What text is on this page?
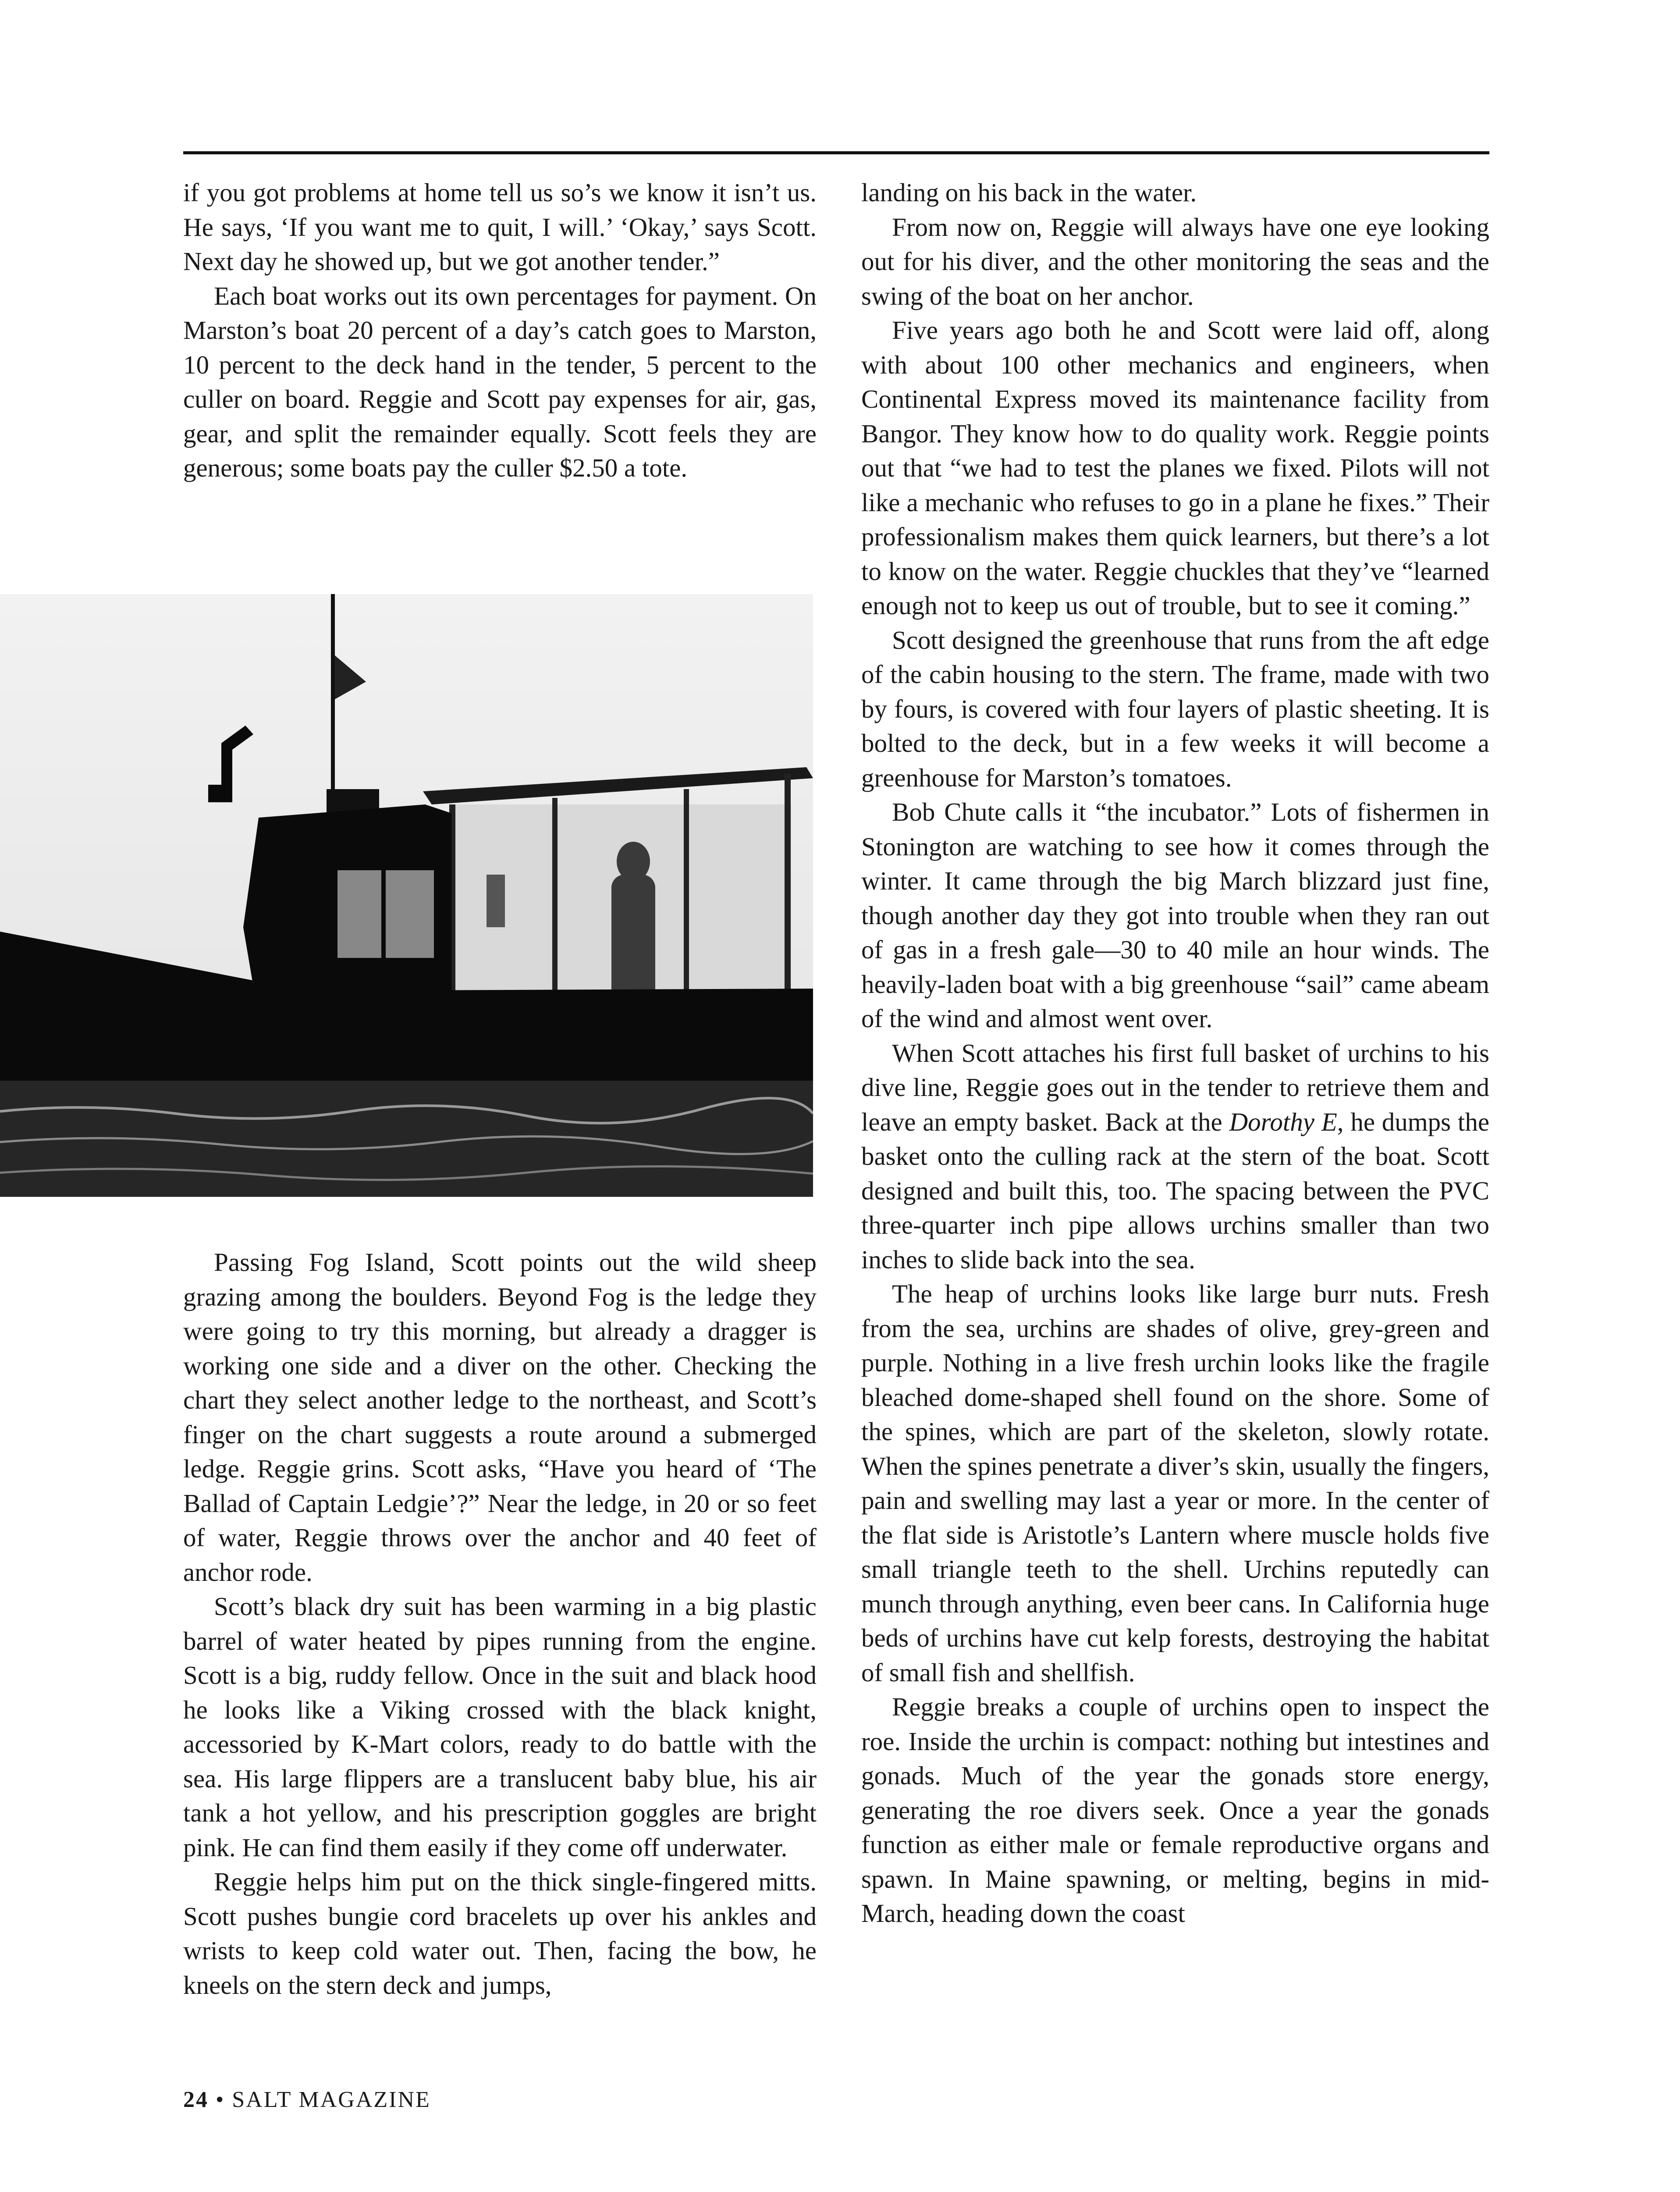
if you got problems at home tell us so’s we know it isn’t us. He says, ‘If you want me to quit, I will.’ ‘Okay,’ says Scott. Next day he showed up, but we got another tender.”

Each boat works out its own percentages for payment. On Marston’s boat 20 percent of a day’s catch goes to Marston, 10 percent to the deck hand in the tender, 5 percent to the culler on board. Reggie and Scott pay expenses for air, gas, gear, and split the remainder equally. Scott feels they are generous; some boats pay the culler $2.50 a tote.

Passing Fog Island, Scott points out the wild sheep grazing among the boulders. Beyond Fog is the ledge they were going to try this morning, but already a dragger is working one side and a diver on the other. Checking the chart they select another ledge to the northeast, and Scott’s finger on the chart suggests a route around a submerged ledge. Reggie grins. Scott asks, “Have you heard of ‘The Ballad of Captain Ledgie’?” Near the ledge, in 20 or so feet of water, Reggie throws over the anchor and 40 feet of anchor rode.

Scott’s black dry suit has been warming in a big plastic barrel of water heated by pipes running from the engine. Scott is a big, ruddy fellow. Once in the suit and black hood he looks like a Viking crossed with the black knight, accessoried by K-Mart colors, ready to do battle with the sea. His large flippers are a translucent baby blue, his air tank a hot yellow, and his prescription goggles are bright pink. He can find them easily if they come off underwater.

Reggie helps him put on the thick single-fingered mitts. Scott pushes bungie cord bracelets up over his ankles and wrists to keep cold water out. Then, facing the bow, he kneels on the stern deck and jumps,

landing on his back in the water.

From now on, Reggie will always have one eye looking out for his diver, and the other monitoring the seas and the swing of the boat on her anchor.

Five years ago both he and Scott were laid off, along with about 100 other mechanics and engineers, when Continental Express moved its maintenance facility from Bangor. They know how to do quality work. Reggie points out that “we had to test the planes we fixed. Pilots will not like a mechanic who refuses to go in a plane he fixes.” Their professionalism makes them quick learners, but there’s a lot to know on the water. Reggie chuckles that they’ve “learned enough not to keep us out of trouble, but to see it coming.”

Scott designed the greenhouse that runs from the aft edge of the cabin housing to the stern. The frame, made with two by fours, is covered with four layers of plastic sheeting. It is bolted to the deck, but in a few weeks it will become a greenhouse for Marston’s tomatoes.

Bob Chute calls it “the incubator.” Lots of fishermen in Stonington are watching to see how it comes through the winter. It came through the big March blizzard just fine, though another day they got into trouble when they ran out of gas in a fresh gale—30 to 40 mile an hour winds. The heavily-laden boat with a big greenhouse “sail” came abeam of the wind and almost went over.

When Scott attaches his first full basket of urchins to his dive line, Reggie goes out in the tender to retrieve them and leave an empty basket. Back at the Dorothy E, he dumps the basket onto the culling rack at the stern of the boat. Scott designed and built this, too. The spacing between the PVC three-quarter inch pipe allows urchins smaller than two inches to slide back into the sea.

The heap of urchins looks like large burr nuts. Fresh from the sea, urchins are shades of olive, grey-green and purple. Nothing in a live fresh urchin looks like the fragile bleached dome-shaped shell found on the shore. Some of the spines, which are part of the skeleton, slowly rotate. When the spines penetrate a diver’s skin, usually the fingers, pain and swelling may last a year or more. In the center of the flat side is Aristotle’s Lantern where muscle holds five small triangle teeth to the shell. Urchins reputedly can munch through anything, even beer cans. In California huge beds of urchins have cut kelp forests, destroying the habitat of small fish and shellfish.

Reggie breaks a couple of urchins open to inspect the roe. Inside the urchin is compact: nothing but intestines and gonads. Much of the year the gonads store energy, generating the roe divers seek. Once a year the gonads function as either male or female reproductive organs and spawn. In Maine spawning, or melting, begins in mid-March, heading down the coast

24 • SALT MAGAZINE
